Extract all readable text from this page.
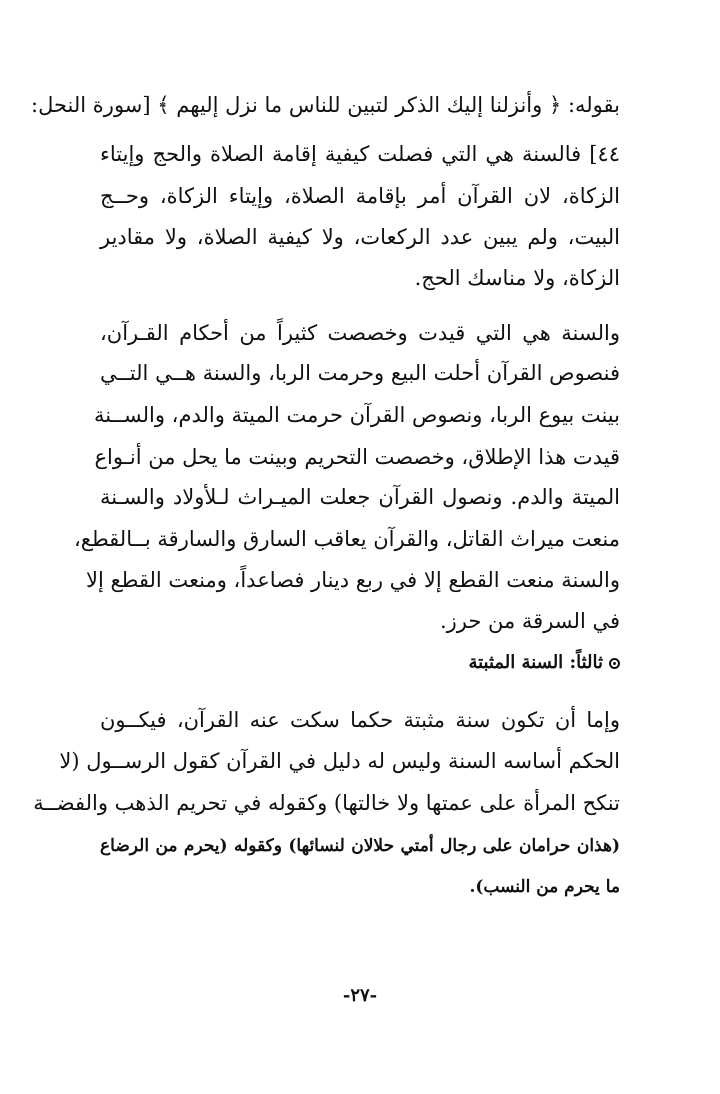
بقوله: ﴿ وأنزلنا إليك الذكر لتبين للناس ما نزل إليهم ﴾ [سورة النحل:
٤٤] فالسنة هي التي فصلت كيفية إقامة الصلاة والحج وإيتاء
الزكاة، لان القرآن أمر بإقامة الصلاة، وإيتاء الزكاة، وحــج
البيت، ولم يبين عدد الركعات، ولا كيفية الصلاة، ولا مقادير
الزكاة، ولا مناسك الحج.
والسنة هي التي قيدت وخصصت كثيراً من أحكام القـرآن،
فنصوص القرآن أحلت البيع وحرمت الربا، والسنة هــي التــي
بينت بيوع الربا، ونصوص القرآن حرمت الميتة والدم، والســنة
قيدت هذا الإطلاق، وخصصت التحريم وبينت ما يحل من أنـواع
الميتة والدم. ونصول القرآن جعلت الميـراث لـلأولاد والسـنة
منعت ميراث القاتل، والقرآن يعاقب السارق والسارقة بــالقطع،
والسنة منعت القطع إلا في ربع دينار فصاعداً، ومنعت القطع إلا
في السرقة من حرز.
ثالثاً: السنة المثبتة
وإما أن تكون سنة مثبتة حكما سكت عنه القرآن، فيكــون
الحكم أساسه السنة وليس له دليل في القرآن كقول الرســول (لا
تنكح المرأة على عمتها ولا خالتها) وكقوله في تحريم الذهب والفضــة
(هذان حرامان على رجال أمتي حلالان لنسائها) وكقوله (يحرم من الرضاع
ما يحرم من النسب).
-٢٧-
